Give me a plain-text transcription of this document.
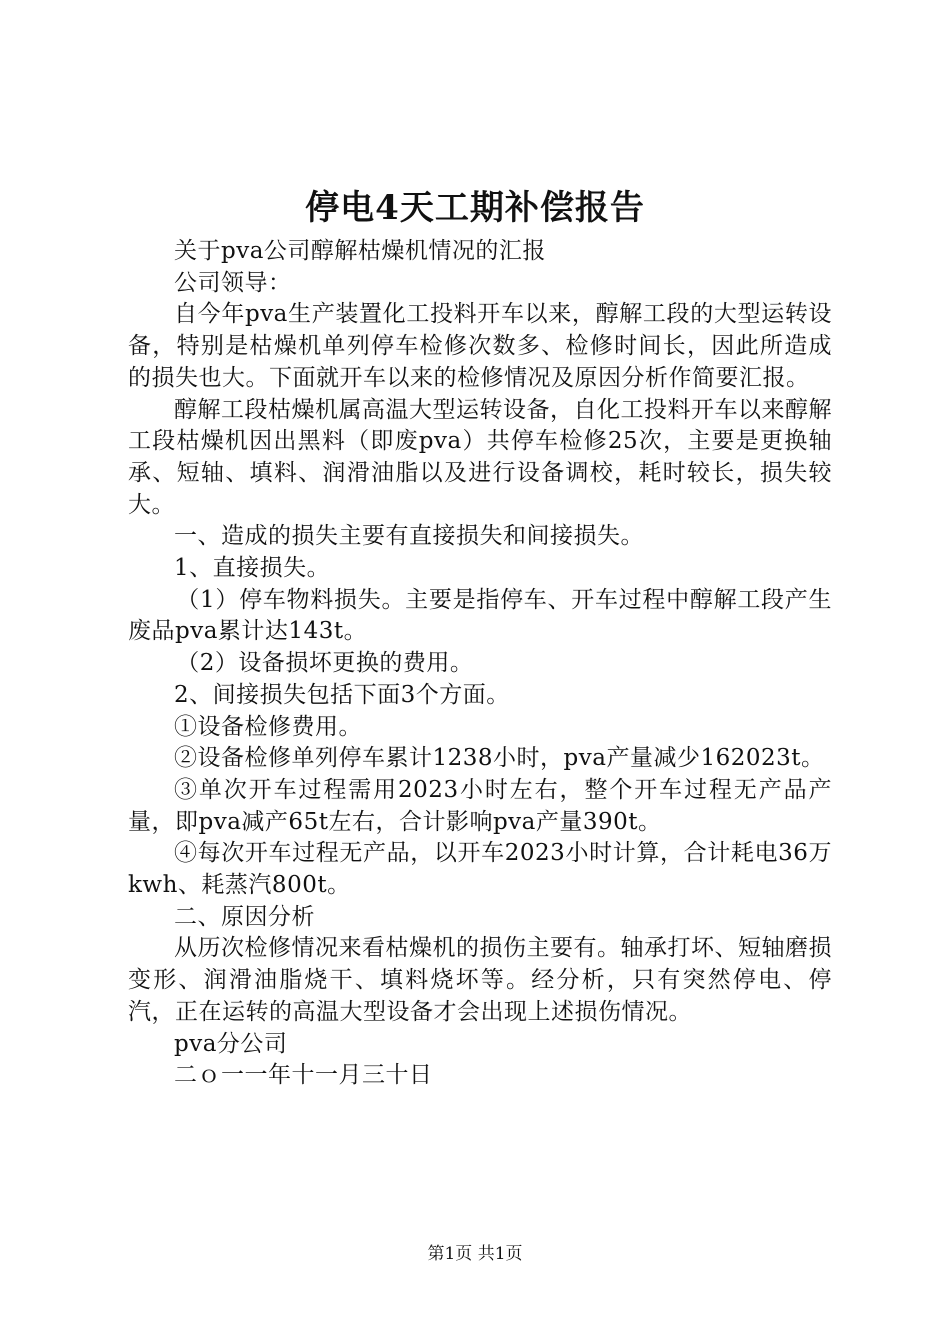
停电4天工期补偿报告

关于pva公司醇解枯燥机情况的汇报

公司领导：

自今年pva生产装置化工投料开车以来，醇解工段的大型运转设备，特别是枯燥机单列停车检修次数多、检修时间长，因此所造成的损失也大。下面就开车以来的检修情况及原因分析作简要汇报。

醇解工段枯燥机属高温大型运转设备，自化工投料开车以来醇解工段枯燥机因出黑料（即废pva）共停车检修25次，主要是更换轴承、短轴、填料、润滑油脂以及进行设备调校，耗时较长，损失较大。

一、造成的损失主要有直接损失和间接损失。

1、直接损失。

（1）停车物料损失。主要是指停车、开车过程中醇解工段产生废品pva累计达143t。

（2）设备损坏更换的费用。

2、间接损失包括下面3个方面。

①设备检修费用。

②设备检修单列停车累计1238小时，pva产量减少162023t。

③单次开车过程需用2023小时左右，整个开车过程无产品产量，即pva减产65t左右，合计影响pva产量390t。

④每次开车过程无产品，以开车2023小时计算，合计耗电36万kwh、耗蒸汽800t。

二、原因分析

从历次检修情况来看枯燥机的损伤主要有。轴承打坏、短轴磨损变形、润滑油脂烧干、填料烧坏等。经分析，只有突然停电、停汽，正在运转的高温大型设备才会出现上述损伤情况。

pva分公司

二ｏ一一年十一月三十日

第1页 共1页
